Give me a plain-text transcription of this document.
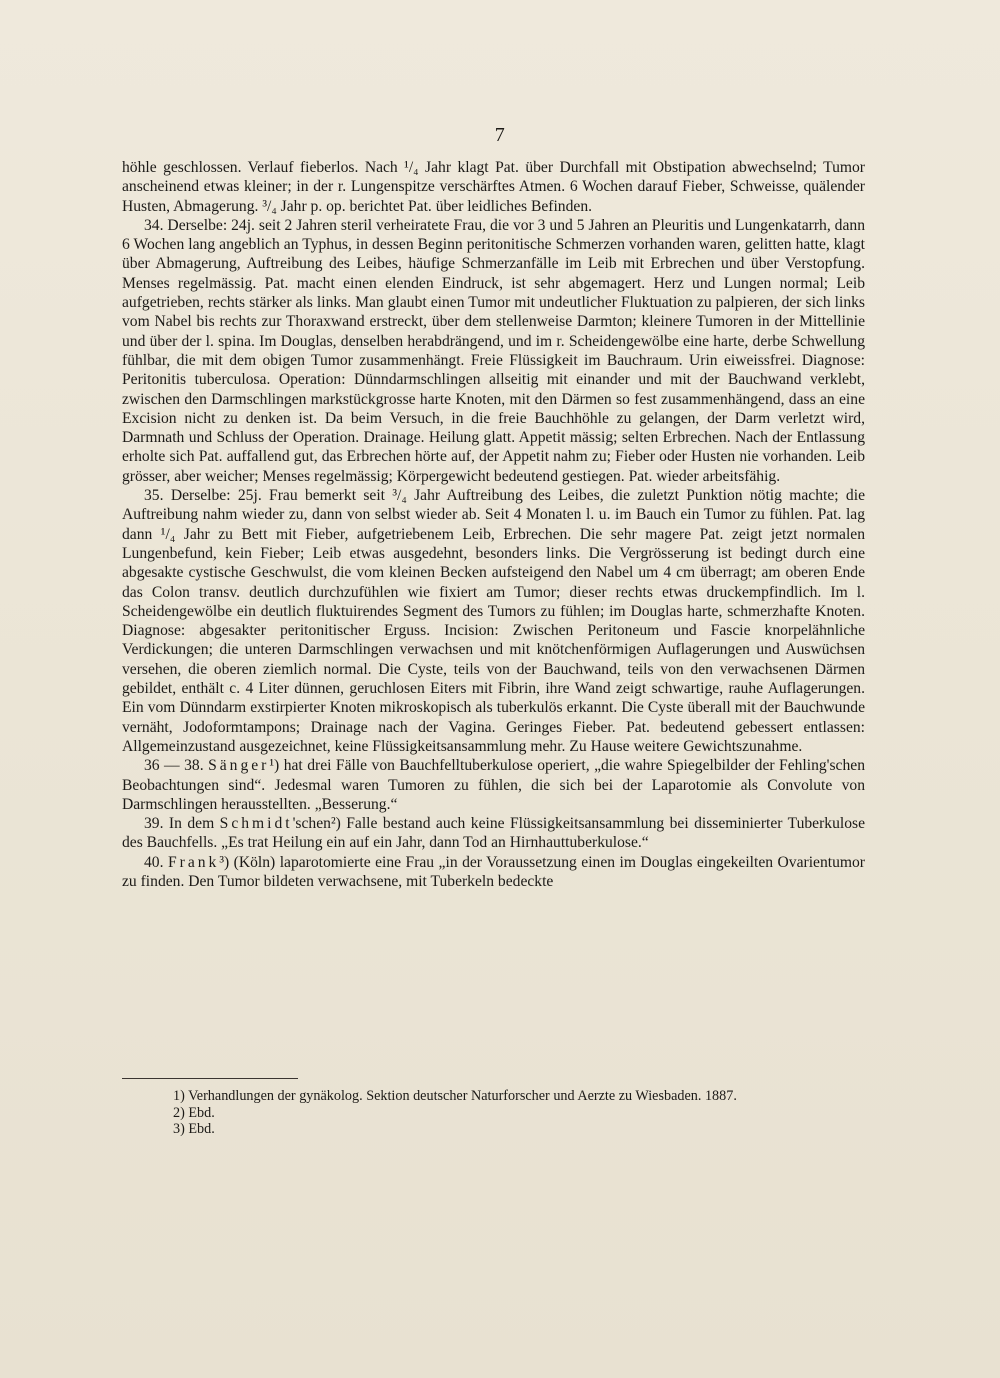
7

höhle geschlossen. Verlauf fieberlos. Nach ¹/₄ Jahr klagt Pat. über Durchfall mit Obstipation abwechselnd; Tumor anscheinend etwas kleiner; in der r. Lungenspitze verschärftes Atmen. 6 Wochen darauf Fieber, Schweisse, quälender Husten, Abmagerung. ³/₄ Jahr p. op. berichtet Pat. über leidliches Befinden.

34. Derselbe: 24j. seit 2 Jahren steril verheiratete Frau, die vor 3 und 5 Jahren an Pleuritis und Lungenkatarrh, dann 6 Wochen lang angeblich an Typhus, in dessen Beginn peritonitische Schmerzen vorhanden waren, gelitten hatte, klagt über Abmagerung, Auftreibung des Leibes, häufige Schmerzanfälle im Leib mit Erbrechen und über Verstopfung. Menses regelmässig. Pat. macht einen elenden Eindruck, ist sehr abgemagert. Herz und Lungen normal; Leib aufgetrieben, rechts stärker als links. Man glaubt einen Tumor mit undeutlicher Fluktuation zu palpieren, der sich links vom Nabel bis rechts zur Thoraxwand erstreckt, über dem stellenweise Darmton; kleinere Tumoren in der Mittellinie und über der l. spina. Im Douglas, denselben herabdrängend, und im r. Scheidengewölbe eine harte, derbe Schwellung fühlbar, die mit dem obigen Tumor zusammenhängt. Freie Flüssigkeit im Bauchraum. Urin eiweissfrei. Diagnose: Peritonitis tuberculosa. Operation: Dünndarmschlingen allseitig mit einander und mit der Bauchwand verklebt, zwischen den Darmschlingen markstückgrosse harte Knoten, mit den Därmen so fest zusammenhängend, dass an eine Excision nicht zu denken ist. Da beim Versuch, in die freie Bauchhöhle zu gelangen, der Darm verletzt wird, Darmnath und Schluss der Operation. Drainage. Heilung glatt. Appetit mässig; selten Erbrechen. Nach der Entlassung erholte sich Pat. auffallend gut, das Erbrechen hörte auf, der Appetit nahm zu; Fieber oder Husten nie vorhanden. Leib grösser, aber weicher; Menses regelmässig; Körpergewicht bedeutend gestiegen. Pat. wieder arbeitsfähig.

35. Derselbe: 25j. Frau bemerkt seit ³/₄ Jahr Auftreibung des Leibes, die zuletzt Punktion nötig machte; die Auftreibung nahm wieder zu, dann von selbst wieder ab. Seit 4 Monaten l. u. im Bauch ein Tumor zu fühlen. Pat. lag dann ¹/₄ Jahr zu Bett mit Fieber, aufgetriebenem Leib, Erbrechen. Die sehr magere Pat. zeigt jetzt normalen Lungenbefund, kein Fieber; Leib etwas ausgedehnt, besonders links. Die Vergrösserung ist bedingt durch eine abgesakte cystische Geschwulst, die vom kleinen Becken aufsteigend den Nabel um 4 cm überragt; am oberen Ende das Colon transv. deutlich durchzufühlen wie fixiert am Tumor; dieser rechts etwas druckempfindlich. Im l. Scheidengewölbe ein deutlich fluktuirendes Segment des Tumors zu fühlen; im Douglas harte, schmerzhafte Knoten. Diagnose: abgesakter peritonitischer Erguss. Incision: Zwischen Peritoneum und Fascie knorpelähnliche Verdickungen; die unteren Darmschlingen verwachsen und mit knötchenförmigen Auflagerungen und Auswüchsen versehen, die oberen ziemlich normal. Die Cyste, teils von der Bauchwand, teils von den verwachsenen Därmen gebildet, enthält c. 4 Liter dünnen, geruchlosen Eiters mit Fibrin, ihre Wand zeigt schwartige, rauhe Auflagerungen. Ein vom Dünndarm exstirpierter Knoten mikroskopisch als tuberkulös erkannt. Die Cyste überall mit der Bauchwunde vernäht, Jodoformtampons; Drainage nach der Vagina. Geringes Fieber. Pat. bedeutend gebessert entlassen: Allgemeinzustand ausgezeichnet, keine Flüssigkeitsansammlung mehr. Zu Hause weitere Gewichtszunahme.

36 — 38. Sänger¹) hat drei Fälle von Bauchfelltuberkulose operiert, „die wahre Spiegelbilder der Fehling'schen Beobachtungen sind“. Jedesmal waren Tumoren zu fühlen, die sich bei der Laparotomie als Convolute von Darmschlingen herausstellten. „Besserung.“

39. In dem Schmidt'schen²) Falle bestand auch keine Flüssigkeitsansammlung bei disseminierter Tuberkulose des Bauchfells. „Es trat Heilung ein auf ein Jahr, dann Tod an Hirnhauttuberkulose.“

40. Frank³) (Köln) laparotomierte eine Frau „in der Voraussetzung einen im Douglas eingekeilten Ovarientumor zu finden. Den Tumor bildeten verwachsene, mit Tuberkeln bedeckte

1) Verhandlungen der gynäkolog. Sektion deutscher Naturforscher und Aerzte zu Wiesbaden. 1887.
2) Ebd.
3) Ebd.
